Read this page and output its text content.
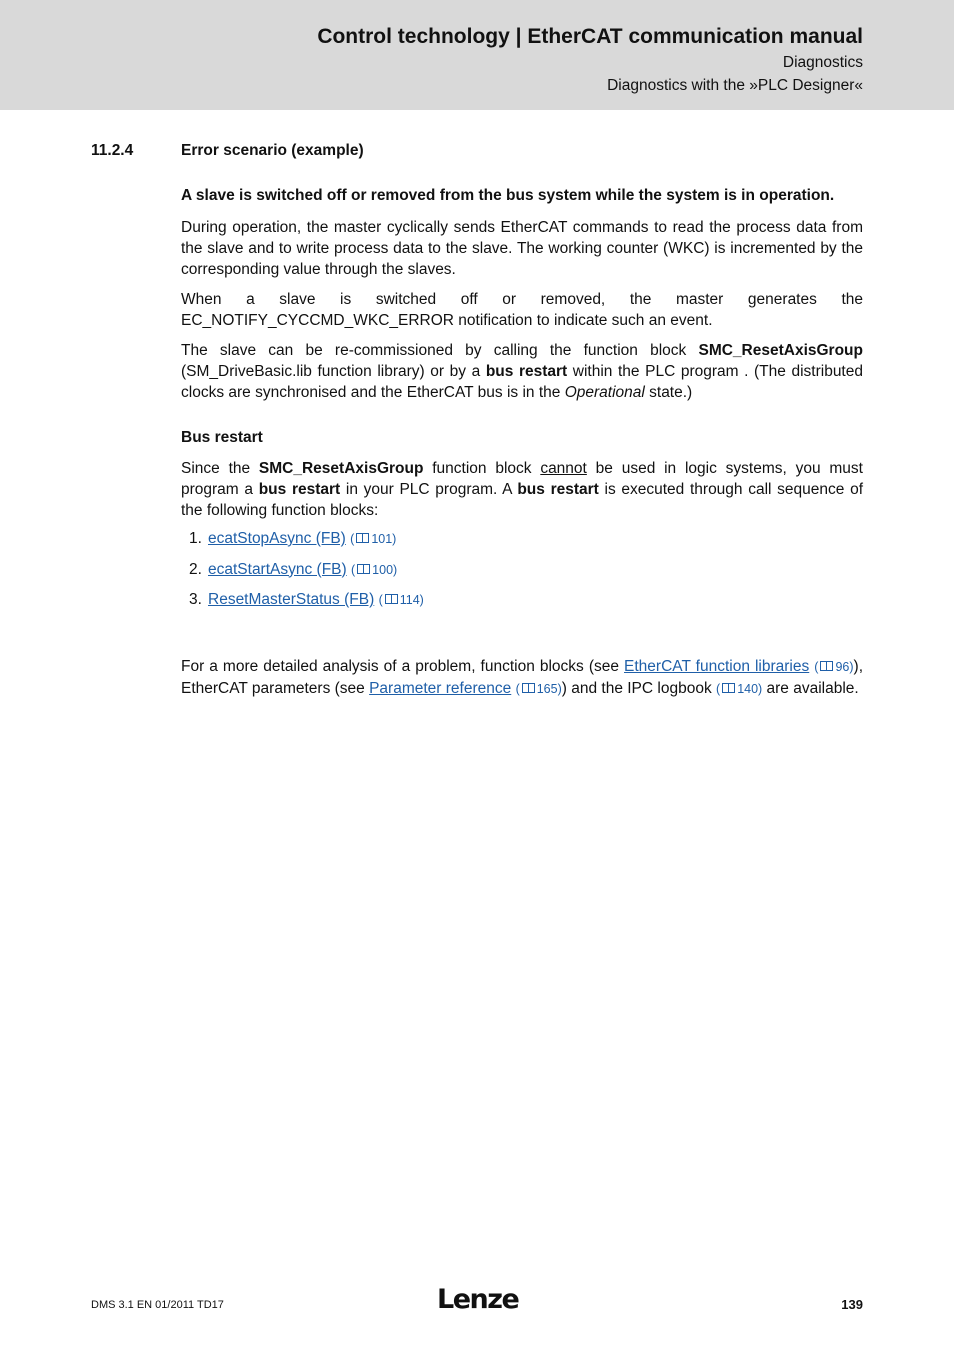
Control technology | EtherCAT communication manual
Diagnostics
Diagnostics with the »PLC Designer«
11.2.4	Error scenario (example)

A slave is switched off or removed from the bus system while the system is in operation.

During operation, the master cyclically sends EtherCAT commands to read the process data from the slave and to write process data to the slave. The working counter (WKC) is incremented by the corresponding value through the slaves.

When a slave is switched off or removed, the master generates the EC_NOTIFY_CYCCMD_WKC_ERROR notification to indicate such an event.

The slave can be re-commissioned by calling the function block SMC_ResetAxisGroup (SM_DriveBasic.lib function library) or by a bus restart within the PLC program . (The distributed clocks are synchronised and the EtherCAT bus is in the Operational state.)

Bus restart

Since the SMC_ResetAxisGroup function block cannot be used in logic systems, you must program a bus restart in your PLC program. A bus restart is executed through call sequence of the following function blocks:

1. ecatStopAsync (FB) ( 101)
2. ecatStartAsync (FB) ( 100)
3. ResetMasterStatus (FB) ( 114)

For a more detailed analysis of a problem, function blocks (see EtherCAT function libraries ( 96)), EtherCAT parameters (see Parameter reference ( 165)) and the IPC logbook ( 140) are available.

DMS 3.1 EN 01/2011 TD17	Lenze	139
